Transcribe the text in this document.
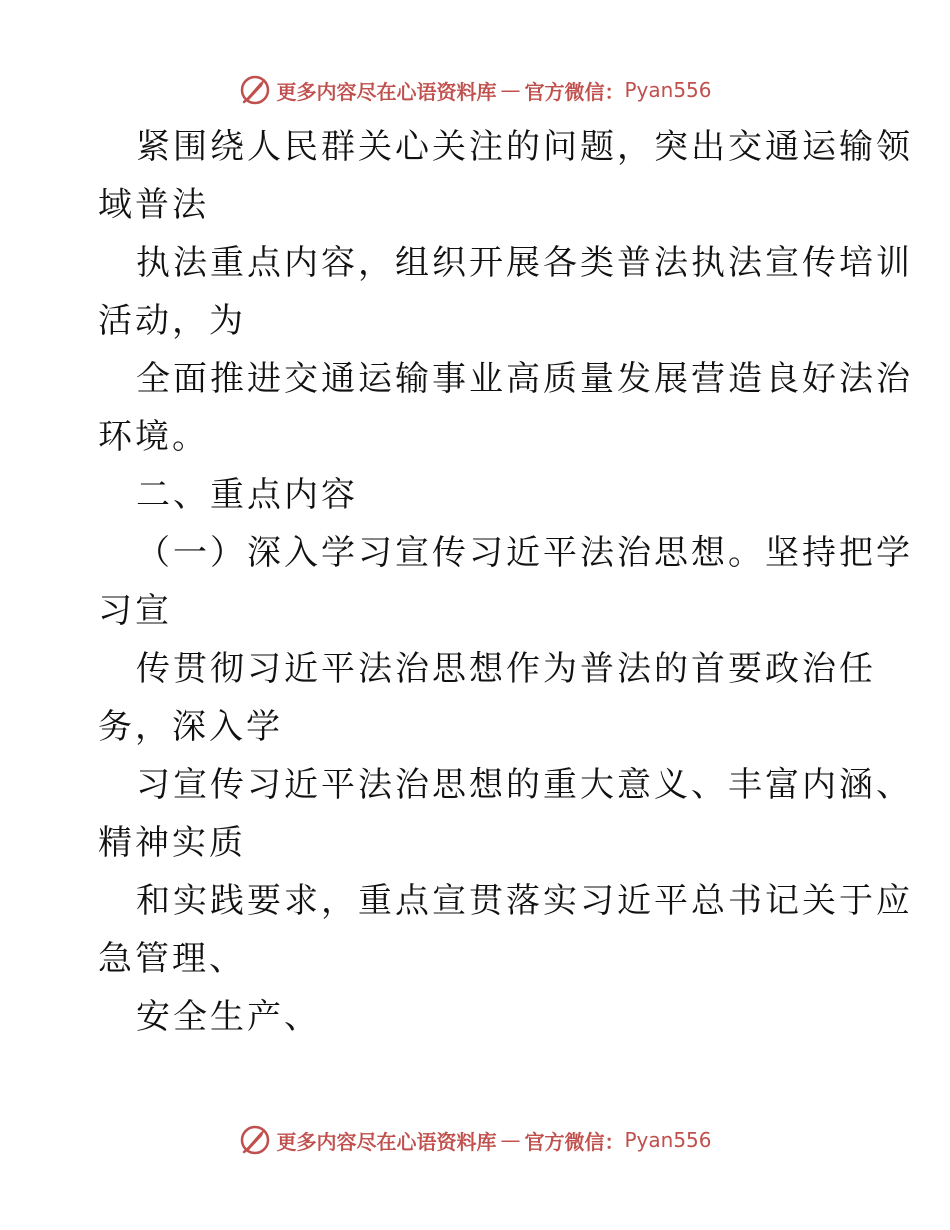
更多内容尽在心语资料库 — 官方微信： Pyan556
紧围绕人民群关心关注的问题，突出交通运输领
域普法
执法重点内容，组织开展各类普法执法宣传培训
活动，为
全面推进交通运输事业高质量发展营造良好法治
环境。
二、重点内容
（一）深入学习宣传习近平法治思想。坚持把学
习宣
传贯彻习近平法治思想作为普法的首要政治任
务，深入学
习宣传习近平法治思想的重大意义、丰富内涵、
精神实质
和实践要求，重点宣贯落实习近平总书记关于应
急管理、
安全生产、
更多内容尽在心语资料库 — 官方微信： Pyan556
